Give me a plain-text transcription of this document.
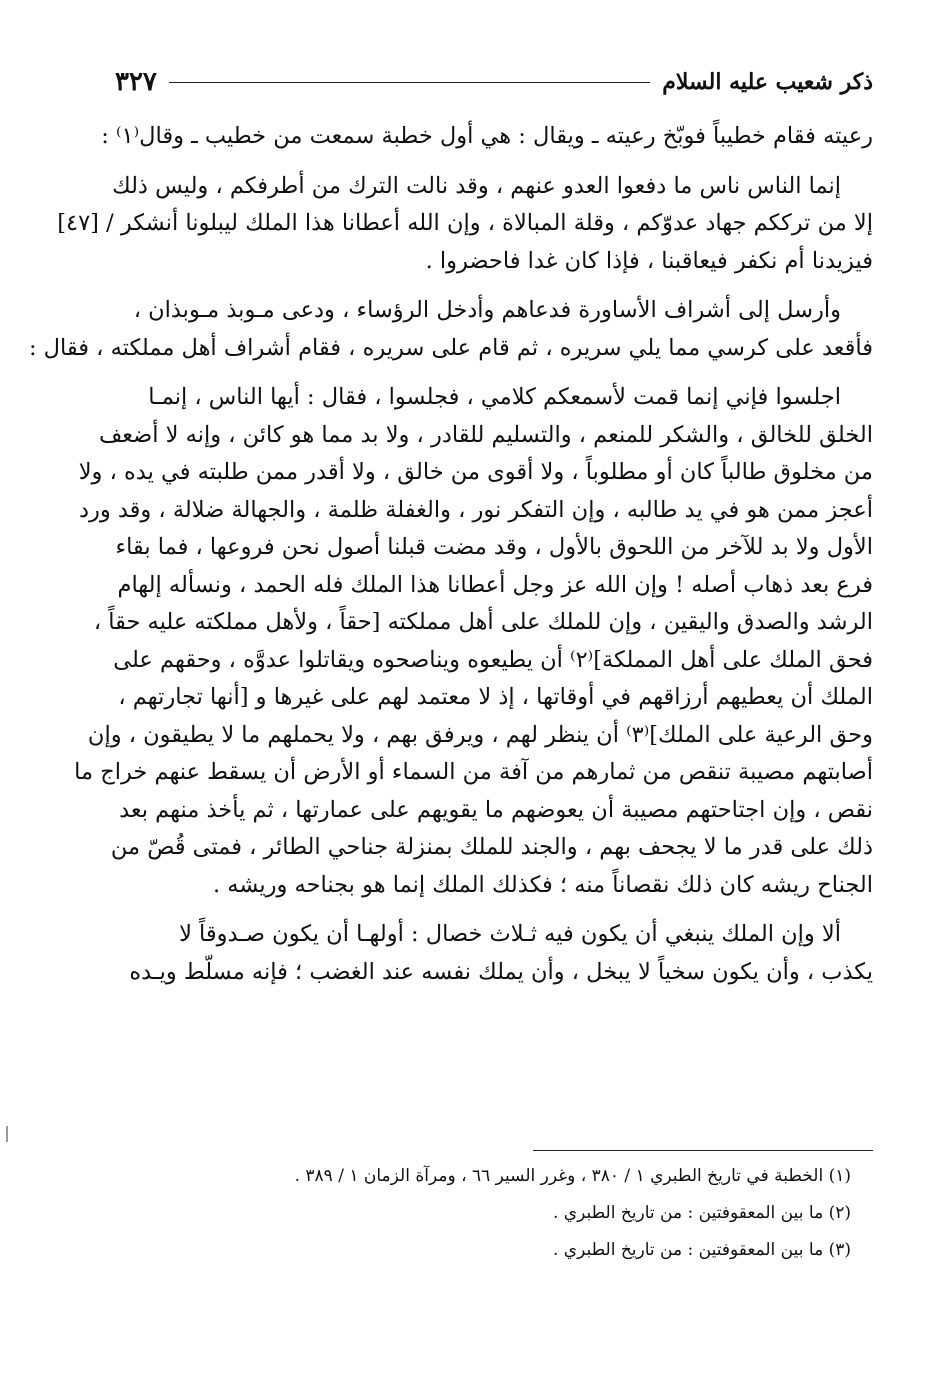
ذكر شعيب عليه السلام
٣٢٧

رعيته فقام خطيباً فوبّخ رعيته ـ ويقال : هي أول خطبة سمعت من خطيب ـ وقال⁽١⁾ :

إنما الناس ناس ما دفعوا العدو عنهم ، وقد نالت الترك من أطرفكم ، وليس ذلك
إلا من ترككم جهاد عدوّكم ، وقلة المبالاة ، وإن الله أعطانا هذا الملك ليبلونا أنشكر / [٤٧]
فيزيدنا أم نكفر فيعاقبنا ، فإذا كان غدا فاحضروا .

وأرسل إلى أشراف الأساورة فدعاهم وأدخل الرؤساء ، ودعى مـوبذ مـوبذان ،
فأقعد على كرسي مما يلي سريره ، ثم قام على سريره ، فقام أشراف أهل مملكته ، فقال :

اجلسوا فإني إنما قمت لأسمعكم كلامي ، فجلسوا ، فقال : أيها الناس ، إنمـا
الخلق للخالق ، والشكر للمنعم ، والتسليم للقادر ، ولا بد مما هو كائن ، وإنه لا أضعف
من مخلوق طالباً كان أو مطلوباً ، ولا أقوى من خالق ، ولا أقدر ممن طلبته في يده ، ولا
أعجز ممن هو في يد طالبه ، وإن التفكر نور ، والغفلة ظلمة ، والجهالة ضلالة ، وقد ورد
الأول ولا بد للآخر من اللحوق بالأول ، وقد مضت قبلنا أصول نحن فروعها ، فما بقاء
فرع بعد ذهاب أصله ! وإن الله عز وجل أعطانا هذا الملك فله الحمد ، ونسأله إلهام
الرشد والصدق واليقين ، وإن للملك على أهل مملكته [حقاً ، ولأهل مملكته عليه حقاً ،
فحق الملك على أهل المملكة]⁽٢⁾ أن يطيعوه ويناصحوه ويقاتلوا عدوَّه ، وحقهم على
الملك أن يعطيهم أرزاقهم في أوقاتها ، إذ لا معتمد لهم على غيرها و [أنها تجارتهم ،
وحق الرعية على الملك]⁽٣⁾ أن ينظر لهم ، ويرفق بهم ، ولا يحملهم ما لا يطيقون ، وإن
أصابتهم مصيبة تنقص من ثمارهم من آفة من السماء أو الأرض أن يسقط عنهم خراج ما
نقص ، وإن اجتاحتهم مصيبة أن يعوضهم ما يقويهم على عمارتها ، ثم يأخذ منهم بعد
ذلك على قدر ما لا يجحف بهم ، والجند للملك بمنزلة جناحي الطائر ، فمتى قُصّ من
الجناح ريشه كان ذلك نقصاناً منه ؛ فكذلك الملك إنما هو بجناحه وريشه .

ألا وإن الملك ينبغي أن يكون فيه ثـلاث خصال : أولهـا أن يكون صـدوقاً لا
يكذب ، وأن يكون سخياً لا يبخل ، وأن يملك نفسه عند الغضب ؛ فإنه مسلّط ويـده

(١) الخطبة في تاريخ الطبري ١ / ٣٨٠ ، وغرر السير ٦٦ ، ومرآة الزمان ١ / ٣٨٩ .
(٢) ما بين المعقوفتين : من تاريخ الطبري .
(٣) ما بين المعقوفتين : من تاريخ الطبري .
